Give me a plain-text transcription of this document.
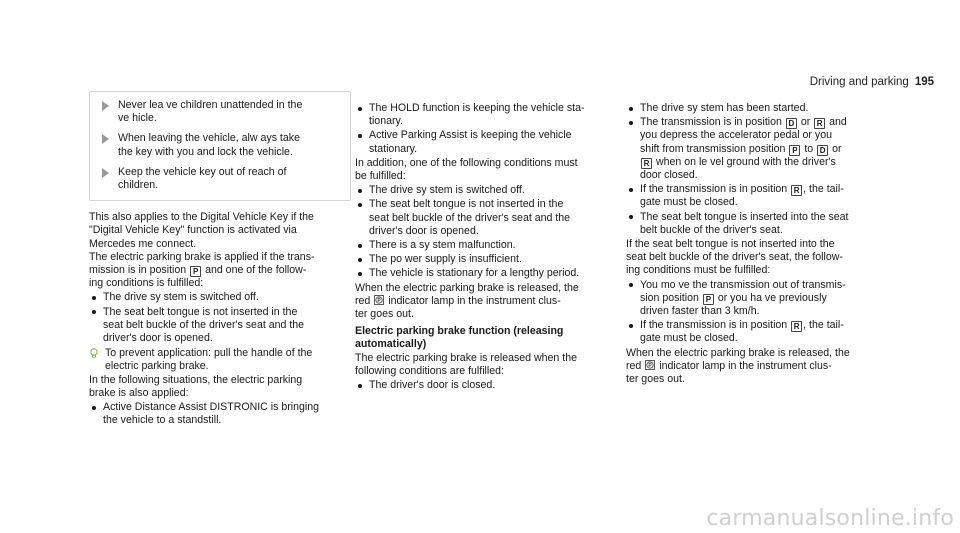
Driving and parking 195
Never lea ve children unattended in the
ve hicle.
When leaving the vehicle, alw ays take
the key with you and lock the vehicle.
Keep the vehicle key out of reach of
children.

This also applies to the Digital Vehicle Key if the
"Digital Vehicle Key" function is activated via
Mercedes me connect.

The electric parking brake is applied if the trans‐
mission is in position P and one of the follow‐
ing conditions is fulfilled:

The drive sy stem is switched off.
The seat belt tongue is not inserted in the
seat belt buckle of the driver's seat and the
driver's door is opened.
To prevent application: pull the handle of the
electric parking brake.

In the following situations, the electric parking
brake is also applied:

Active Distance Assist DISTRONIC is bringing
the vehicle to a standstill.
The HOLD function is keeping the vehicle sta‐
tionary.
Active Parking Assist is keeping the vehicle
stationary.

In addition, one of the following conditions must
be fulfilled:

The drive sy stem is switched off.
The seat belt tongue is not inserted in the
seat belt buckle of the driver's seat and the
driver's door is opened.
There is a sy stem malfunction.
The po wer supply is insufficient.
The vehicle is stationary for a lengthy period.

When the electric parking brake is released, the
red P indicator lamp in the instrument clus‐
ter goes out.

Electric parking brake function (releasing
automatically)

The electric parking brake is released when the
following conditions are fulfilled:

The driver's door is closed.
The drive sy stem has been started.
The transmission is in position D or R and
you depress the accelerator pedal or you
shift from transmission position P to D or
R when on le vel ground with the driver's
door closed.
If the transmission is in position R , the tail‐
gate must be closed.
The seat belt tongue is inserted into the seat
belt buckle of the driver's seat.

If the seat belt tongue is not inserted into the
seat belt buckle of the driver's seat, the follow‐
ing conditions must be fulfilled:

You mo ve the transmission out of transmis‐
sion position P or you ha ve previously
driven faster than 3 km/h.
If the transmission is in position R , the tail‐
gate must be closed.

When the electric parking brake is released, the
red P indicator lamp in the instrument clus‐
ter goes out.

carmanualsonline.info
